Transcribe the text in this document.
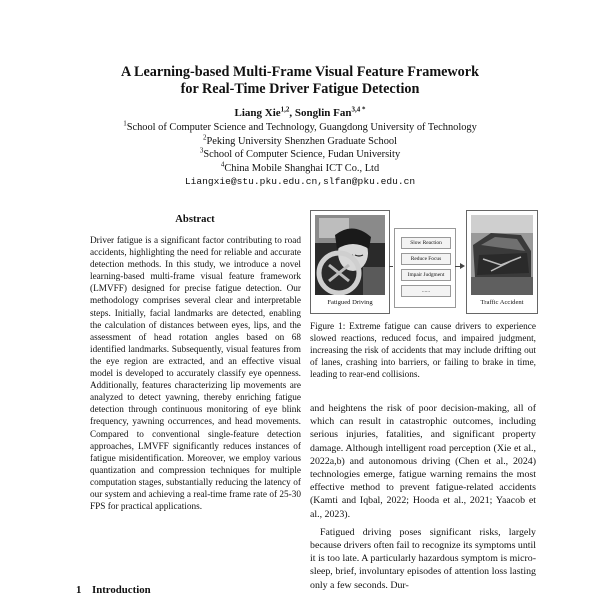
A Learning-based Multi-Frame Visual Feature Framework
for Real-Time Driver Fatigue Detection
Liang Xie$^{1,2}$, Songlin Fan$^{3,4 *}$
$^1$School of Computer Science and Technology, Guangdong University of Technology
$^2$Peking University Shenzhen Graduate School
$^3$School of Computer Science, Fudan University
$^4$China Mobile Shanghai ICT Co., Ltd
Liangxie@stu.pku.edu.cn,slfan@pku.edu.cn
Abstract
Driver fatigue is a significant factor contributing to road accidents, highlighting the need for reliable and accurate detection methods. In this study, we introduce a novel learning-based multi-frame visual feature framework (LMVFF) designed for precise fatigue detection. Our methodology comprises several clear and interpretable steps. Initially, facial landmarks are detected, enabling the calculation of distances between eyes, lips, and the assessment of head rotation angles based on 68 identified landmarks. Subsequently, visual features from the eye region are extracted, and an effective visual model is developed to accurately classify eye openness. Additionally, features characterizing lip movements are analyzed to detect yawning, thereby enriching fatigue detection through continuous monitoring of eye blink frequency, yawning occurrences, and head movements. Compared to conventional single-feature detection approaches, LMVFF significantly reduces instances of fatigue misidentification. Moreover, we employ various quantization and compression techniques for multiple computation stages, substantially reducing the latency of our system and achieving a real-time frame rate of 25-30 FPS for practical applications.
1 Introduction
Fatigued Driving
Slow Reaction
Reduce Focus
Impair Judgment
......
Traffic Accident
Figure 1: Extreme fatigue can cause drivers to experience slowed reactions, reduced focus, and impaired judgment, increasing the risk of accidents that may include drifting out of lanes, crashing into barriers, or failing to brake in time, leading to rear-end collisions.

and heightens the risk of poor decision-making, all of which can result in catastrophic outcomes, including serious injuries, fatalities, and significant property damage. Although intelligent road perception (Xie et al., 2022a,b) and autonomous driving (Chen et al., 2024) technologies emerge, fatigue warning remains the most effective method to prevent fatigue-related accidents (Kamti and Iqbal, 2022; Hooda et al., 2021; Yaacob et al., 2023).

Fatigued driving poses significant risks, largely because drivers often fail to recognize its symptoms until it is too late. A particularly hazardous symptom is micro-sleep, brief, involuntary episodes of attention loss lasting only a few seconds. Dur-
